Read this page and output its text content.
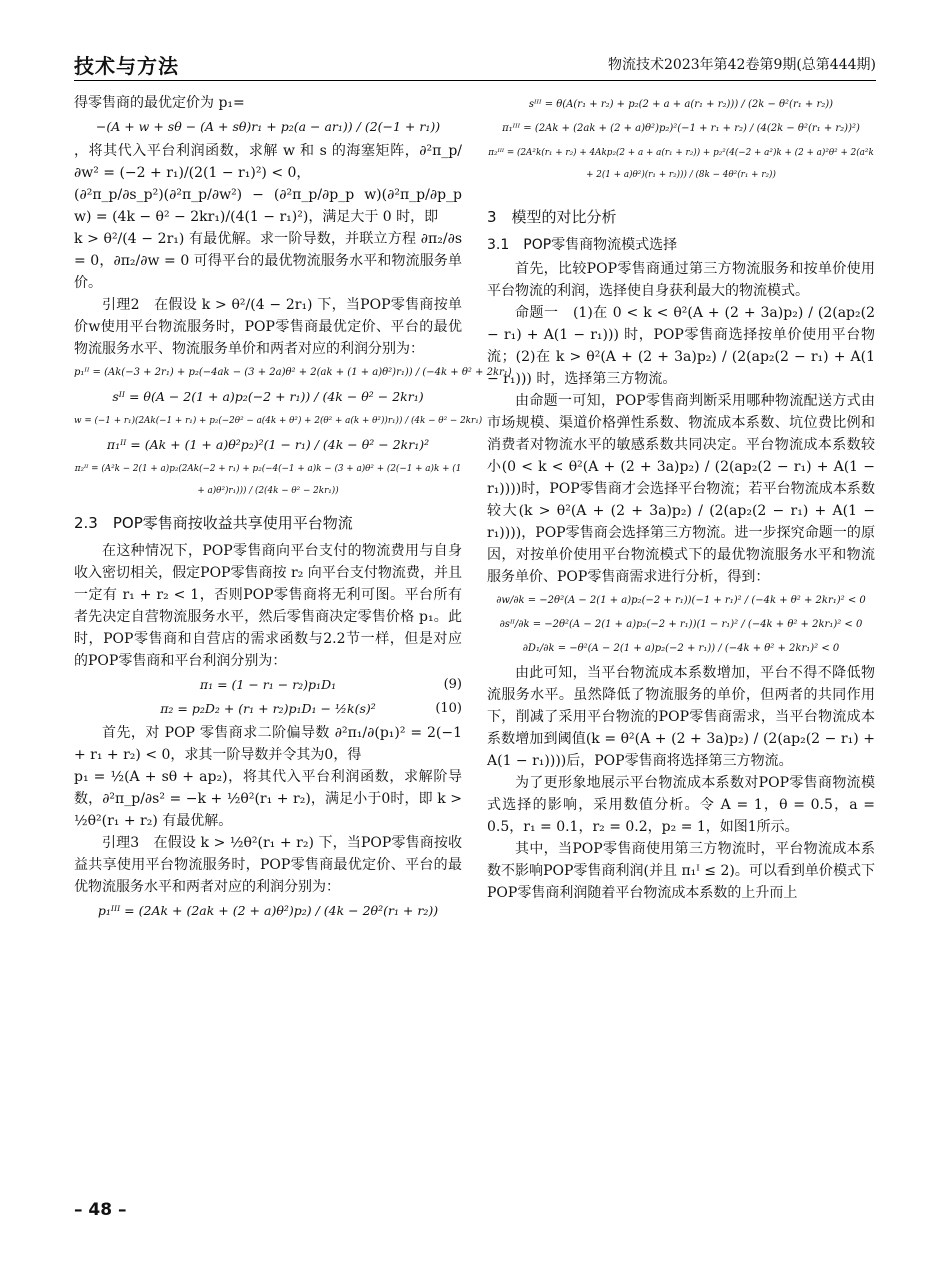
技术与方法	物流技术2023年第42卷第9期(总第444期)

得零售商的最优定价为 p₁=

−(A + w + sθ − (A + sθ)r₁ + p₂(a − ar₁)) / (2(−1 + r₁))

，将其代入平台利润函数，求解 w 和 s 的海塞矩阵，∂²π_p/∂w² = (−2 + r₁)/(2(1 − r₁)²) < 0，

(∂²π_p/∂s_p²)(∂²π_p/∂w²) − (∂²π_p/∂p_p w)(∂²π_p/∂p_p w) = (4k − θ² − 2kr₁)/(4(1 − r₁)²)，满足大于 0 时，即

k > θ²/(4 − 2r₁) 有最优解。求一阶导数，并联立方程 ∂π₂/∂s = 0，∂π₂/∂w = 0 可得平台的最优物流服务水平和物流服务单价。

引理2　在假设 k > θ²/(4 − 2r₁) 下，当POP零售商按单价w使用平台物流服务时，POP零售商最优定价、平台的最优物流服务水平、物流服务单价和两者对应的利润分别为：

p₁ᴵᴵ = (Ak(−3 + 2r₁) + p₂(−4ak − (3 + 2a)θ² + 2(ak + (1 + a)θ²)r₁)) / (−4k + θ² + 2kr₁)
sᴵᴵ = θ(A − 2(1 + a)p₂(−2 + r₁)) / (4k − θ² − 2kr₁)
w = (−1 + r₁)(2Ak(−1 + r₁) + p₂(−2θ² − a(4k + θ²) + 2(θ² + a(k + θ²))r₁)) / (4k − θ² − 2kr₁)
π₁ᴵᴵ = (Ak + (1 + a)θ²p₂)²(1 − r₁) / (4k − θ² − 2kr₁)²
π₂ᴵᴵ = (A²k − 2(1 + a)p₂(2Ak(−2 + r₁) + p₂(−4(−1 + a)k − (3 + a)θ² + (2(−1 + a)k + (1 + a)θ²)r₁))) / (2(4k − θ² − 2kr₁))
2.3　POP零售商按收益共享使用平台物流

在这种情况下，POP零售商向平台支付的物流费用与自身收入密切相关，假定POP零售商按 r₂ 向平台支付物流费，并且一定有 r₁ + r₂ < 1，否则POP零售商将无利可图。平台所有者先决定自营物流服务水平，然后零售商决定零售价格 p₁。此时，POP零售商和自营店的需求函数与2.2节一样，但是对应的POP零售商和平台利润分别为：

π₁ = (1 − r₁ − r₂)p₁D₁	(9)
π₂ = p₂D₂ + (r₁ + r₂)p₁D₁ − ½k(s)²	(10)

首先，对 POP 零售商求二阶偏导数 ∂²π₁/∂(p₁)² = 2(−1 + r₁ + r₂) < 0，求其一阶导数并令其为0，得

p₁ = ½(A + sθ + ap₂)，将其代入平台利润函数，求解阶导数，∂²π_p/∂s² = −k + ½θ²(r₁ + r₂)，满足小于0时，即 k > ½θ²(r₁ + r₂) 有最优解。

引理3　在假设 k > ½θ²(r₁ + r₂) 下，当POP零售商按收益共享使用平台物流服务时，POP零售商最优定价、平台的最优物流服务水平和两者对应的利润分别为：

p₁ᴵᴵᴵ = (2Ak + (2ak + (2 + a)θ²)p₂) / (4k − 2θ²(r₁ + r₂))
sᴵᴵᴵ = θ(A(r₁ + r₂) + p₂(2 + a + a(r₁ + r₂))) / (2k − θ²(r₁ + r₂))
π₁ᴵᴵᴵ = (2Ak + (2ak + (2 + a)θ²)p₂)²(−1 + r₁ + r₂) / (4(2k − θ²(r₁ + r₂))²)
π₂ᴵᴵᴵ = (2A²k(r₁ + r₂) + 4Akp₂(2 + a + a(r₁ + r₂)) + p₂²(4(−2 + a²)k + (2 + a)²θ² + 2(a²k + 2(1 + a)θ²)(r₁ + r₂))) / (8k − 4θ²(r₁ + r₂))
3　模型的对比分析
3.1　POP零售商物流模式选择

首先，比较POP零售商通过第三方物流服务和按单价使用平台物流的利润，选择使自身获利最大的物流模式。

命题一　(1)在 0 < k < θ²(A + (2 + 3a)p₂) / (2(ap₂(2 − r₁) + A(1 − r₁))) 时，POP零售商选择按单价使用平台物流；(2)在 k > θ²(A + (2 + 3a)p₂) / (2(ap₂(2 − r₁) + A(1 − r₁))) 时，选择第三方物流。

由命题一可知，POP零售商判断采用哪种物流配送方式由市场规模、渠道价格弹性系数、物流成本系数、坑位费比例和消费者对物流水平的敏感系数共同决定。平台物流成本系数较小(0 < k < θ²(A + (2 + 3a)p₂) / (2(ap₂(2 − r₁) + A(1 − r₁))))时，POP零售商才会选择平台物流；若平台物流成本系数较大(k > θ²(A + (2 + 3a)p₂) / (2(ap₂(2 − r₁) + A(1 − r₁))))，POP零售商会选择第三方物流。进一步探究命题一的原因，对按单价使用平台物流模式下的最优物流服务水平和物流服务单价、POP零售商需求进行分析，得到：

∂w/∂k = −2θ²(A − 2(1 + a)p₂(−2 + r₁))(−1 + r₁)² / (−4k + θ² + 2kr₁)² < 0
∂sᴵᴵ/∂k = −2θ²(A − 2(1 + a)p₂(−2 + r₁))(1 − r₁)² / (−4k + θ² + 2kr₁)² < 0
∂D₁/∂k = −θ²(A − 2(1 + a)p₂(−2 + r₁)) / (−4k + θ² + 2kr₁)² < 0

由此可知，当平台物流成本系数增加，平台不得不降低物流服务水平。虽然降低了物流服务的单价，但两者的共同作用下，削减了采用平台物流的POP零售商需求，当平台物流成本系数增加到阈值(k = θ²(A + (2 + 3a)p₂) / (2(ap₂(2 − r₁) + A(1 − r₁))))后，POP零售商将选择第三方物流。

为了更形象地展示平台物流成本系数对POP零售商物流模式选择的影响，采用数值分析。令 A = 1，θ = 0.5，a = 0.5，r₁ = 0.1，r₂ = 0.2，p₂ = 1，如图1所示。

其中，当POP零售商使用第三方物流时，平台物流成本系数不影响POP零售商利润(并且 π₁ᴵ ≤ 2)。可以看到单价模式下POP零售商利润随着平台物流成本系数的上升而上

– 48 –
